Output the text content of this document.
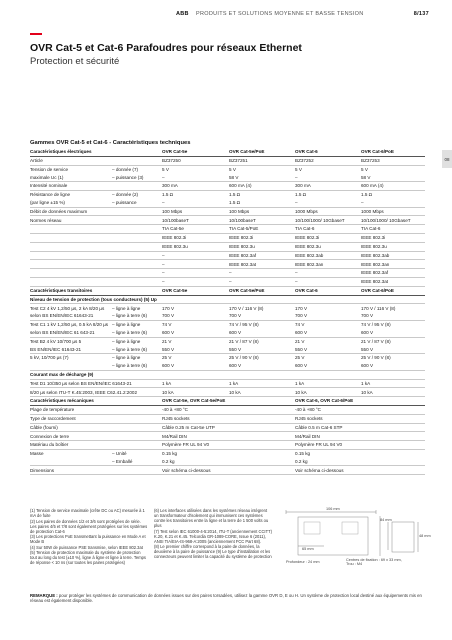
ABB PRODUITS ET SOLUTIONS MOYENNE ET BASSE TENSION	8/137
OVR Cat-5 et Cat-6 Parafoudres pour réseaux Ethernet
Protection et sécurité
08
Gammes OVR Cat-5 et Cat-6 - Caractéristiques techniques
Caractéristiques électriques		OVR Cat-5e	OVR Cat-5e/PoE	OVR Cat-6	OVR Cat-6/PoE
Article		BZ37250	BZ37251	BZ37252	BZ37253
Tension de service	– donnée (7)	5 V	5 V	5 V	5 V
maximale Uc (1)	– puissance (3)	–	58 V	–	58 V
Intensité nominale		300 mA	600 mA (4)	300 mA	600 mA (4)
Résistance de ligne	– donnée (2)	1.5 Ω	1.5 Ω	1.5 Ω	1.5 Ω
(par ligne ±15 %)	– puissance	–	1.5 Ω	–	–
Débit de données maximum		100 Mbps	100 Mbps	1000 Mbps	1000 Mbps
Normes réseau		10/100baseT	10/100baseT	10/100/1000/ 10GbaseT	10/100/1000/ 10GbaseT
		TIA Cat-5e	TIA Cat-5/PoE	TIA Cat-6	TIA Cat-6
		IEEE 802.3i	IEEE 802.3i	IEEE 802.3i	IEEE 802.3i
		IEEE 802.3u	IEEE 802.3u	IEEE 802.3u	IEEE 802.3u
		–	IEEE 802.3af	IEEE 802.3ab	IEEE 802.3ab
		–	IEEE 802.3at	IEEE 802.3an	IEEE 802.3an
		–	–	–	IEEE 802.3af
		–	–	–	IEEE 802.3at
Caractéristiques transitoires		OVR Cat-5e	OVR Cat-5e/PoE	OVR Cat-6	OVR Cat-6/PoE
Niveau de tension de protection (tous conducteurs) (5) Up					
Test C2 4 kV 1,2/50 µs, 2 kA 8/20 µs	– ligne à ligne	170 V	170 V / 116 V (8)	170 V	170 V / 116 V (8)
selon BS EN/EN/IEC 61643-21	– ligne à terre (6)	700 V	700 V	700 V	700 V
Test C1 1 kV 1,2/50 µs, 0.5 kA 8/20 µs	– ligne à ligne	74 V	74 V / 95 V (8)	74 V	74 V / 95 V (8)
selon BS EN/EN/IEC 61 643-21	– ligne à terre (6)	600 V	600 V	600 V	600 V
Test B2 4 kV 10/700 µs 5	– ligne à ligne	21 V	21 V / 87 V (8)	21 V	21 V / 87 V (8)
BS EN/EN/IEC 61643-21	– ligne à terre (6)	550 V	550 V	550 V	550 V
5 kV, 10/700 µs (7)	– ligne à ligne	25 V	25 V / 90 V (8)	25 V	25 V / 90 V (8)
	– ligne à terre (6)	600 V	600 V	600 V	600 V
Courant max de décharge (9)					
Test D1 10/350 µs selon BS EN/EN/IEC 61643-21		1 kA	1 kA	1 kA	1 kA
8/20 µs selon ITU-T K.45:2003, IEEE C62.41.2:2002		10 kA	10 kA	10 kA	10 kA
Caractéristiques mécaniques		OVR Cat-5e, OVR Cat-5e/PoE		OVR Cat-6, OVR Cat-6/PoE	
Plage de température		-40 à +80 °C		-40 à +80 °C	
Type de raccordement		RJ45 sockets		RJ45 sockets	
Câble (fourni)		Câble 0.25 m Cat-5e UTP		Câble 0.5 m Cat-6 STP	
Connexion de terre		M4/Rail DIN		M4/Rail DIN	
Matériau du boîtier		Polymère FR UL 94 V0		Polymère FR UL 94 V0	
Masse	– Unité	0.15 kg		0.15 kg	
	– Emballé	0.2 kg		0.2 kg	
Dimensions		Voir schéma ci-dessous		Voir schéma ci-dessous	

(1) Tension de service maximale (crête DC ou AC) mesurée à 1 mA de fuite

(2) Les paires de données 1/2 et 3/6 sont protégées de série. Les paires 4/5 et 7/8 sont également protégées sur les systèmes de protection Cat-6

(3) Les protections PoE transmettant la puissance en Mode A et Mode B

(4) Sur 50W de puissance PSE transmise, selon IEEE 802.3at

(5) Tension de protection maximale du système de protection tout au long du test (±10 %), ligne à ligne et ligne à terre. Temps de réponse < 10 ns (sur toutes les paires protégées)

(6) Les interfaces utilisées dans les systèmes réseau intègrent un transformateur d'isolement qui immunisent ces systèmes contre les transitoires entre la ligne et la terre de 1 500 volts ou plus

(7) Test selon IEC 61000-4-5:2014, ITU-T (anciennement CCITT) K.20, K.21 et K.45. Telcordia GR-1089-CORE, Issue 6 (2011), ANSI TIA/EIA-IS-968-A:2005 (anciennement FCC Part 68).

(8) Le premier chiffre correspond à la paire de données, la deuxième à la paire de puissance (9) Le type d'installation et les connecteurs peuvent limiter la capacité du système de protection

106 mm
84 mm
48 mm
65 mm
Profondeur : 24 mm	Centres de fixation : 69 x 33 mm, Trou : M4
REMARQUE : pour protéger les systèmes de communication de données issues sur des paires torsadées, utilisez la gamme OVR D, E ou H. Un système de protection local destiné aux équipements mis en réseau est également disponible.
